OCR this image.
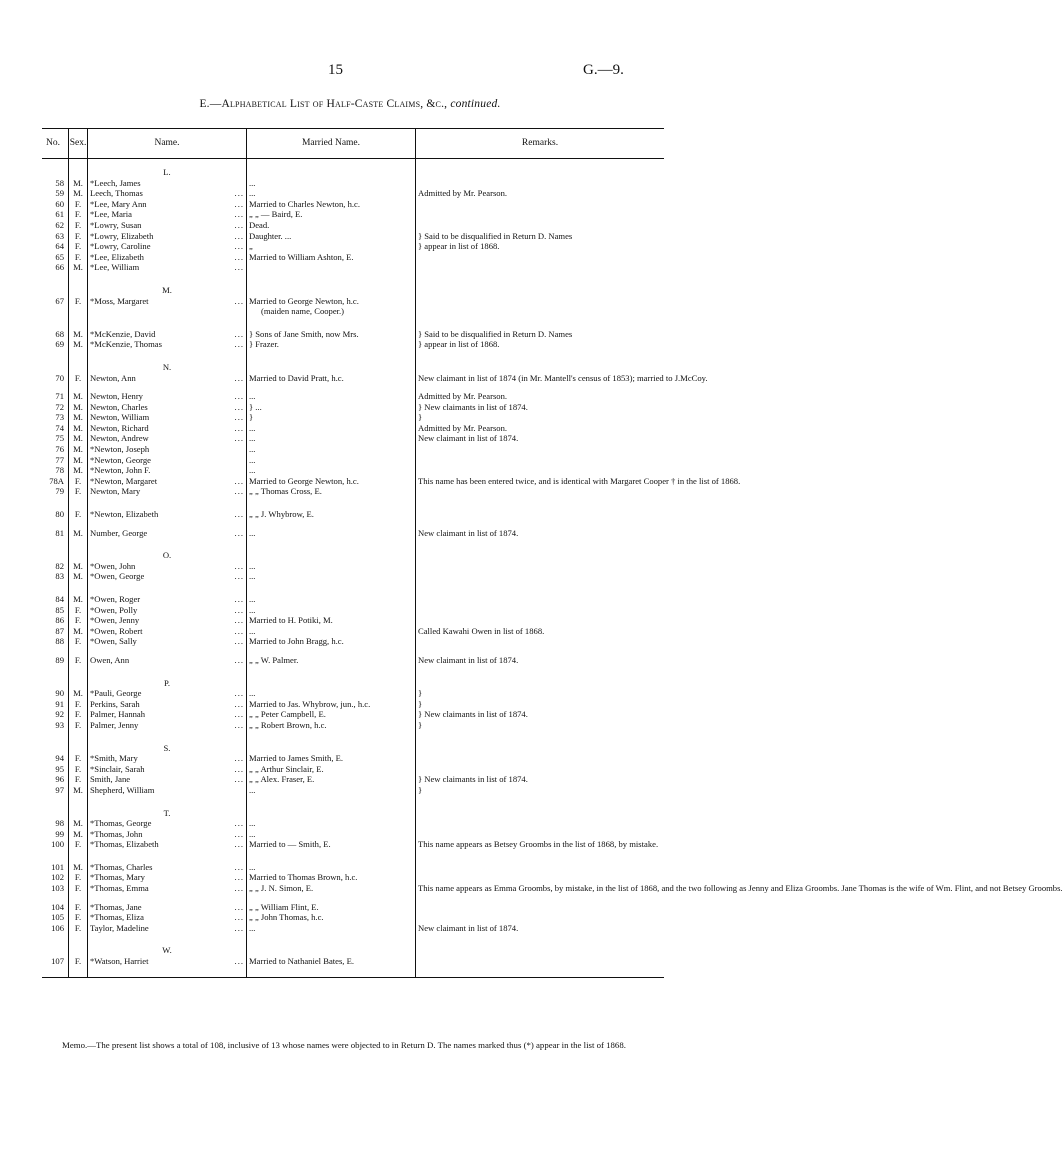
15	G.—9.
E.—Alphabetical List of Half-Caste Claims, &c., continued.
No.	Sex.	Name.	Married Name.	Remarks.

		L.		
58	M.	*Leech, James	...	
59	M.	Leech, Thomas ...	...	Admitted by Mr. Pearson.
60	F.	*Lee, Mary Ann ...	Married to Charles Newton, h.c.	
61	F.	*Lee, Maria ...	„ „ — Baird, E.	
62	F.	*Lowry, Susan ...	Dead.	
63	F.	*Lowry, Elizabeth ...	Daughter. ...	} Said to be disqualified in Return D. Names
64	F.	*Lowry, Caroline ...	„	} appear in list of 1868.
65	F.	*Lee, Elizabeth ...	Married to William Ashton, E.	
66	M.	*Lee, William ...		

		M.		
67	F.	*Moss, Margaret ...	Married to George Newton, h.c.	

	(maiden name, Cooper.)	

68	M.	*McKenzie, David ...	} Sons of Jane Smith, now Mrs.	} Said to be disqualified in Return D. Names
69	M.	*McKenzie, Thomas ...	} Frazer.	} appear in list of 1868.

		N.		
70	F.	Newton, Ann ...	Married to David Pratt, h.c.	New claimant in list of 1874 (in Mr. Mantell's census of 1853); married to J.McCoy.

71	M.	Newton, Henry ...	...	Admitted by Mr. Pearson.
72	M.	Newton, Charles ...	} ...	} New claimants in list of 1874.
73	M.	Newton, William ...	}	}
74	M.	Newton, Richard ...	...	Admitted by Mr. Pearson.
75	M.	Newton, Andrew ...	...	New claimant in list of 1874.
76	M.	*Newton, Joseph	...	
77	M.	*Newton, George	...	
78	M.	*Newton, John F.	...	
78A	F.	*Newton, Margaret ...	Married to George Newton, h.c.	This name has been entered twice, and is identical with Margaret Cooper † in the list of 1868.
79	F.	Newton, Mary ...	„ „ Thomas Cross, E.	

80	F.	*Newton, Elizabeth ...	„ „ J. Whybrow, E.	

81	M.	Number, George ...	...	New claimant in list of 1874.

		O.		
82	M.	*Owen, John ...	...	
83	M.	*Owen, George ...	...	

84	M.	*Owen, Roger ...	...	
85	F.	*Owen, Polly ...	...	
86	F.	*Owen, Jenny ...	Married to H. Potiki, M.	
87	M.	*Owen, Robert ...	...	Called Kawahi Owen in list of 1868.
88	F.	*Owen, Sally ...	Married to John Bragg, h.c.	

89	F.	Owen, Ann ...	„ „ W. Palmer.	New claimant in list of 1874.

		P.		
90	M.	*Pauli, George ...	...	}
91	F.	Perkins, Sarah ...	Married to Jas. Whybrow, jun., h.c.	}
92	F.	Palmer, Hannah ...	„ „ Peter Campbell, E.	} New claimants in list of 1874.
93	F.	Palmer, Jenny ...	„ „ Robert Brown, h.c.	}

		S.		
94	F.	*Smith, Mary ...	Married to James Smith, E.	
95	F.	*Sinclair, Sarah ...	„ „ Arthur Sinclair, E.	
96	F.	Smith, Jane ...	„ „ Alex. Fraser, E.	} New claimants in list of 1874.
97	M.	Shepherd, William	...	}

		T.		
98	M.	*Thomas, George ...	...	
99	M.	*Thomas, John ...	...	
100	F.	*Thomas, Elizabeth ...	Married to — Smith, E.	This name appears as Betsey Groombs in the list of 1868, by mistake.

101	M.	*Thomas, Charles ...	...	
102	F.	*Thomas, Mary ...	Married to Thomas Brown, h.c.	
103	F.	*Thomas, Emma ...	„ „ J. N. Simon, E.	This name appears as Emma Groombs, by mistake, in the list of 1868, and the two following as Jenny and Eliza Groombs. Jane Thomas is the wife of Wm. Flint, and not Betsey Groombs.

104	F.	*Thomas, Jane ...	„ „ William Flint, E.	
105	F.	*Thomas, Eliza ...	„ „ John Thomas, h.c.	
106	F.	Taylor, Madeline ...	...	New claimant in list of 1874.

		W.		
107	F.	*Watson, Harriet ...	Married to Nathaniel Bates, E.	

Memo.—The present list shows a total of 108, inclusive of 13 whose names were objected to in Return D. The names marked thus (*) appear in the list of 1868.
